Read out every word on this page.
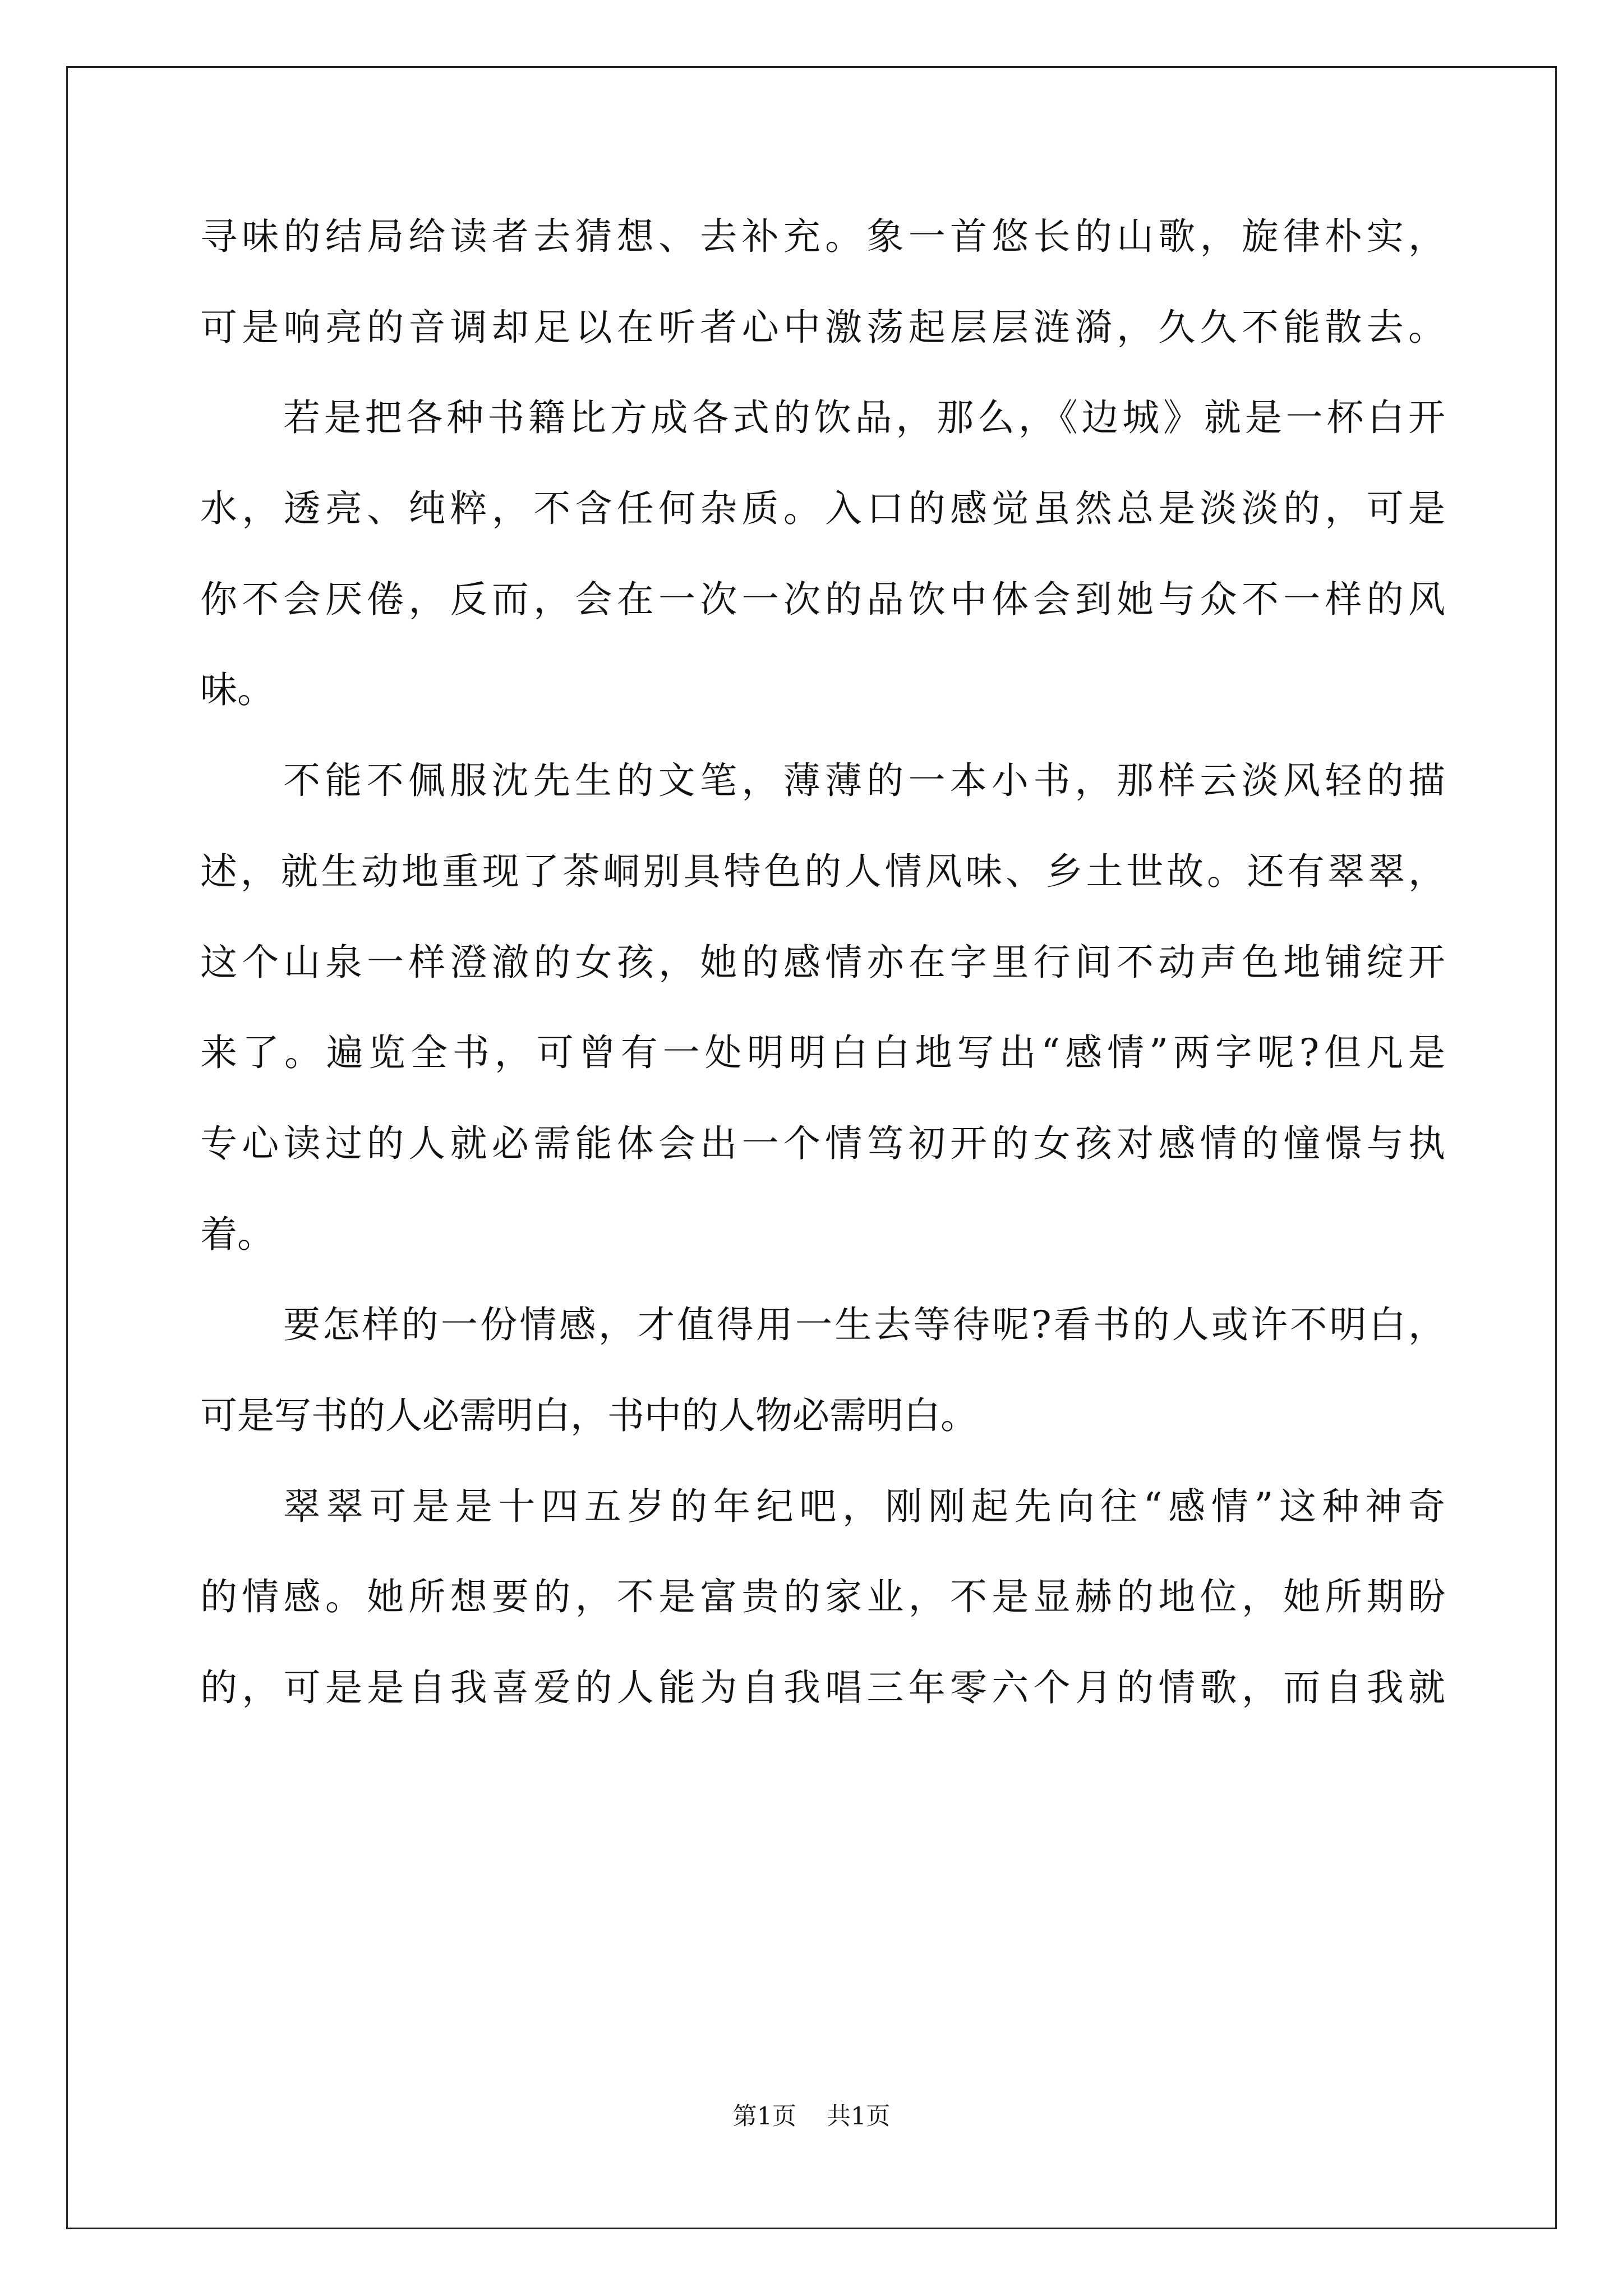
寻味的结局给读者去猜想、去补充。象一首悠长的山歌，旋律朴实，
可是响亮的音调却足以在听者心中激荡起层层涟漪，久久不能散去。
若是把各种书籍比方成各式的饮品，那么，《边城》就是一杯白开
水，透亮、纯粹，不含任何杂质。入口的感觉虽然总是淡淡的，可是
你不会厌倦，反而，会在一次一次的品饮中体会到她与众不一样的风
味。
不能不佩服沈先生的文笔，薄薄的一本小书，那样云淡风轻的描
述，就生动地重现了茶峒别具特色的人情风味、乡土世故。还有翠翠，
这个山泉一样澄澈的女孩，她的感情亦在字里行间不动声色地铺绽开
来了。遍览全书，可曾有一处明明白白地写出“感情”两字呢?但凡是
专心读过的人就必需能体会出一个情笃初开的女孩对感情的憧憬与执
着。
要怎样的一份情感，才值得用一生去等待呢?看书的人或许不明白，
可是写书的人必需明白，书中的人物必需明白。
翠翠可是是十四五岁的年纪吧，刚刚起先向往“感情”这种神奇
的情感。她所想要的，不是富贵的家业，不是显赫的地位，她所期盼
的，可是是自我喜爱的人能为自我唱三年零六个月的情歌，而自我就
第1页 共1页
